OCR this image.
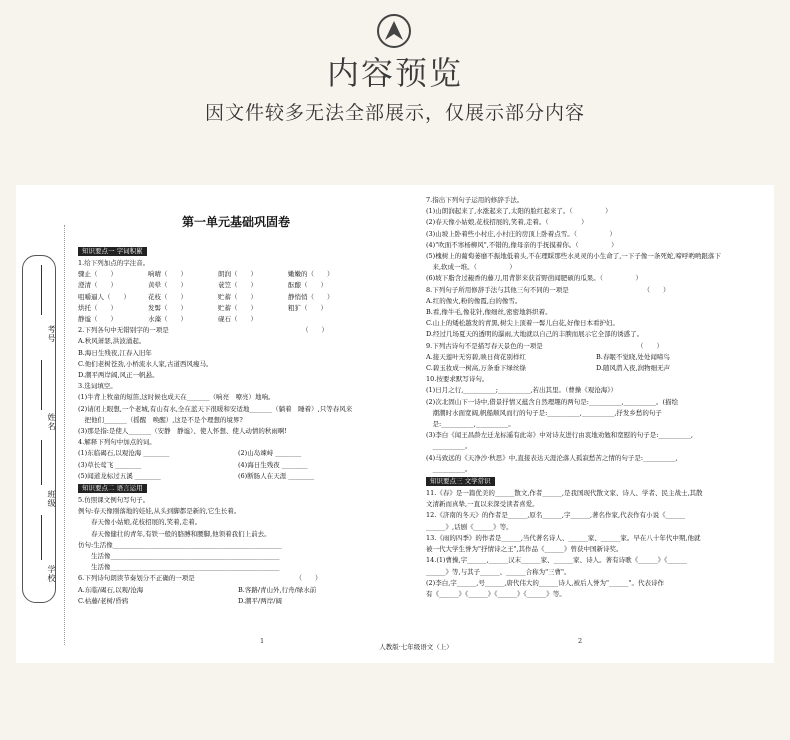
内容预览
因文件较多无法全部展示，仅展示部分内容
考号
姓名
班级
学校
第一单元基础巩固卷
知识要点一 字词积累
1.给下列加点的字注音。
骤止（　　）	响晴（　　）	朗润（　　）	嫩嫩的（　　）
澄清（　　）	黄晕（　　）	蓑笠（　　）	酝酿（　　）
咀嚼逼人（　　）	花枝（　　）	贮蓄（　　）	静悄悄（　　）
烘托（　　）	发髻（　　）	贮蓄（　　）	粗犷（　　）
静谧（　　）	水藻（　　）	砚石（　　）
2.下列各句中无错别字的一项是　　　　　　　　　　　　　　　　　　　　　（　　）
A.秋风萧瑟,洪波涌起。
B.海日生残夜,江春入旧年
C.他们老树苍劲,小桥流水人家,古道西风瘦马。
D.潮平两岸阔,风正一帆悬。
3.选词填空。
(1)牛背上牧童的短笛,这时候也成天在_______（响亮　嘹亮）地响。
(2)请闭上眼想,一个老城,有山有水,全在蓝天下很暖和安适地_______（躺着　睡着）,只等春风来
　把他们_______（摇醒　唤醒）,这是不是个理想的境界?
(3)那是指:是使人_______（安静　静谧）、使人怀想、使人动情的秋雨啊!
4.解释下列句中加点的词。
(1)东临碣石,以观沧海 ________	(2)山岛竦峙 ________
(3)草长莺飞 ________	(4)海日生残夜 ________
(5)闻道龙标过五溪 ________	(6)断肠人在天涯 ________
知识要点二 语言运用
5.仿照课文例句写句子。
例句:春天像刚落地的娃娃,从头到脚都是新的,它生长着。
　　春天像小姑娘,花枝招展的,笑着,走着。
　　春天像健壮的青年,有铁一般的胳膊和腰脚,他领着我们上前去。
仿句:生活像____________________________________________________
　　生活像____________________________________________________
　　生活像____________________________________________________
6.下列诗句朗读节奏划分不正确的一项是　　　　　　　　　　　　　　　　（　　）
A.东临/碣石,以观/沧海	B.客路/青山外,行舟/绿水前
C.枯藤/老树/昏鸦	D.潮平/两岸/阔
7.指出下列句子运用的修辞手法。
(1)山朗润起来了,水涨起来了,太阳的脸红起来了。（　　　　　）
(2)春天像小姑娘,花枝招展的,笑着,走着。（　　　　　）
(3)山坡上卧着些小村庄,小村庄的房顶上卧着点雪。（　　　　　）
(4)"吹面不寒杨柳风",不错的,像母亲的手抚摸着你。（　　　　　）
(5)槐树上的葡萄萎靡不振地低着头,不在理睬那些水灵灵的小生命了,一下子像一条死蛇,啼呼哟哟跟落下
　来,软成一堆。（　　　　　）
(6)坡下脂含过赧香的藤刀,用背影来获首野茴闻肥硕的瓜果。（　　　　　）
8.下列句子所用修辞手法与其他三句不同的一项是　　　　　　　　　　　　（　　）
A.红的像火,粉的像霞,白的像雪。
B.看,像牛毛,像花针,像细丝,密密地斜织着。
C.山上的矮松越发的青黑,树尖上顶着一髻儿白花,好像日本看护妇。
D.经过几场夏天的透明的瀑雨,大地就以自己的丰腴而展示它全部的诱惑了。
9.下列古诗句不是描写春天景色的一项是　　　　　　　　　　　　　　　（　　）
A.接天莲叶无穷碧,映日荷花别样红	B.春眠不觉晓,处处闻啼鸟
C.碧玉妆成一树高,万条垂下绿丝绦	D.随风潜入夜,润物细无声
10.按要求默写诗句。
(1)日月之行,__________;__________,若出其里。（曹操《观沧海》）
(2)次北固山下一诗中,借景抒情又蕴含自然理趣的两句是:__________,__________。(描绘
　潮潮时水面宽阔,帆船顺风而行的句子是:__________,__________,抒发乡愁的句子
　是:__________,__________。
(3)李白《闻王昌龄左迁龙标遥有此寄》中对诗友进行由衷地劝勉和宽慰的句子是:__________,
　__________。
(4)马致远的《天净沙·秋思》中,直接表达天涯沦落人孤寂愁苦之情的句子是:__________,
　__________。
知识要点三 文学常识
11.《春》是一篇优美的______散文,作者______,是我国现代散文家、诗人、学者、民主战士,其散
文清新而真挚,一直以来深受读者喜爱。
12.《济南的冬天》的作者是______,原名______,字______,著名作家,代表作有小说《______
______》,话剧《______》等。
13.《雨的四季》的作者是______,当代著名诗人、______家、______家。早在八十年代中期,他就
被一代大学生誉为"抒情诗之王",其作品《______》曾获中国新诗奖。
14.(1)曹操,字______,______汉末______家、______家、诗人。著有诗歌《______》《______
______》等,与其子______、______合称为"三曹"。
(2)李白,字______,号______,唐代伟大的______诗人,被后人誉为"______"。代表诗作
有《______》《______》《______》《______》等。
1
人教版·七年级语文（上）
2
